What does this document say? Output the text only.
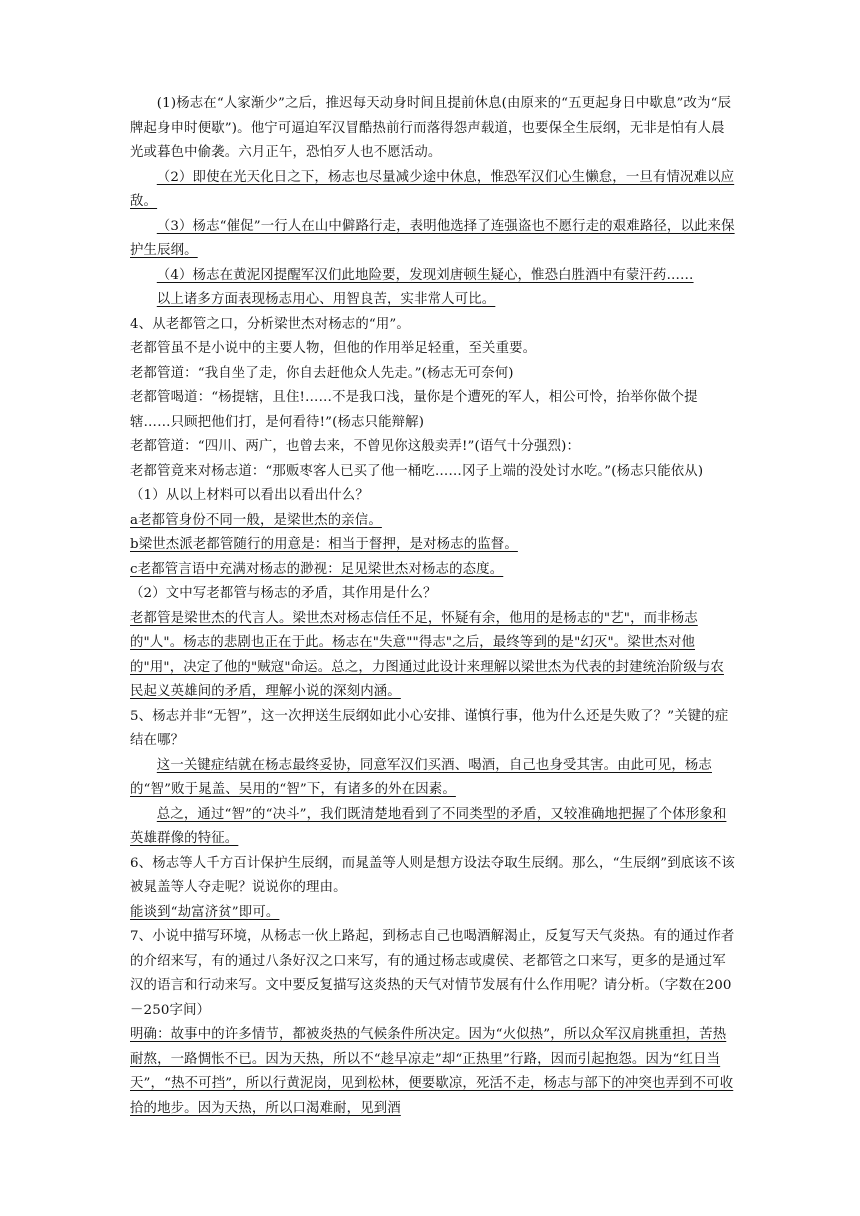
(1)杨志在“人家渐少”之后，推迟每天动身时间且提前休息(由原来的“五更起身日中歇息”改为“辰牌起身申时便歇”)。他宁可逼迫军汉冒酷热前行而落得怨声载道，也要保全生辰纲，无非是怕有人晨光或暮色中偷袭。六月正午，恐怕歹人也不愿活动。

（2）即使在光天化日之下，杨志也尽量减少途中休息，惟恐军汉们心生懒怠，一旦有情况难以应敌。

（3）杨志“催促”一行人在山中僻路行走，表明他选择了连强盗也不愿行走的艰难路径，以此来保护生辰纲。

（4）杨志在黄泥冈提醒军汉们此地险要，发现刘唐顿生疑心，惟恐白胜酒中有蒙汗药……

以上诸多方面表现杨志用心、用智良苦，实非常人可比。

4、从老都管之口，分析梁世杰对杨志的“用”。

老都管虽不是小说中的主要人物，但他的作用举足轻重，至关重要。

老都管道：“我自坐了走，你自去赶他众人先走。”(杨志无可奈何)

老都管喝道：“杨提辖，且住!……不是我口浅，量你是个遭死的军人，相公可怜，抬举你做个提辖……只顾把他们打，是何看待!”(杨志只能辩解)

老都管道：“四川、两广，也曾去来，不曾见你这般卖弄!”(语气十分强烈)：

老都管竟来对杨志道：“那贩枣客人已买了他一桶吃……冈子上端的没处讨水吃。”(杨志只能依从)

（1）从以上材料可以看出以看出什么？

a老都管身份不同一般，是梁世杰的亲信。

b梁世杰派老都管随行的用意是：相当于督押，是对杨志的监督。

c老都管言语中充满对杨志的渺视：足见梁世杰对杨志的态度。

（2）文中写老都管与杨志的矛盾，其作用是什么？

老都管是梁世杰的代言人。梁世杰对杨志信任不足，怀疑有余，他用的是杨志的"艺"，而非杨志的"人"。杨志的悲剧也正在于此。杨志在"失意""得志"之后，最终等到的是"幻灭"。梁世杰对他的"用"，决定了他的"贼寇"命运。总之，力图通过此设计来理解以梁世杰为代表的封建统治阶级与农民起义英雄间的矛盾，理解小说的深刻内涵。

5、杨志并非“无智”，这一次押送生辰纲如此小心安排、谨慎行事，他为什么还是失败了？”关键的症结在哪？

这一关键症结就在杨志最终妥协，同意军汉们买酒、喝酒，自己也身受其害。由此可见，杨志的“智”败于晁盖、吴用的“智”下，有诸多的外在因素。

总之，通过“智”的“决斗”，我们既清楚地看到了不同类型的矛盾，又较准确地把握了个体形象和英雄群像的特征。

6、杨志等人千方百计保护生辰纲，而晁盖等人则是想方设法夺取生辰纲。那么，“生辰纲”到底该不该被晁盖等人夺走呢？说说你的理由。

能谈到“劫富济贫”即可。

7、小说中描写环境，从杨志一伙上路起，到杨志自己也喝酒解渴止，反复写天气炎热。有的通过作者的介绍来写，有的通过八条好汉之口来写，有的通过杨志或虞侯、老都管之口来写，更多的是通过军汉的语言和行动来写。文中要反复描写这炎热的天气对情节发展有什么作用呢？请分析。（字数在200－250字间）

明确：故事中的许多情节，都被炎热的气候条件所决定。因为“火似热”，所以众军汉肩挑重担，苦热耐熬，一路惆怅不已。因为天热，所以不“趁早凉走”却“正热里”行路，因而引起抱怨。因为“红日当天”，“热不可挡”，所以行黄泥岗，见到松林，便要歇凉，死活不走，杨志与部下的冲突也弄到不可收拾的地步。因为天热，所以口渴难耐，见到酒
